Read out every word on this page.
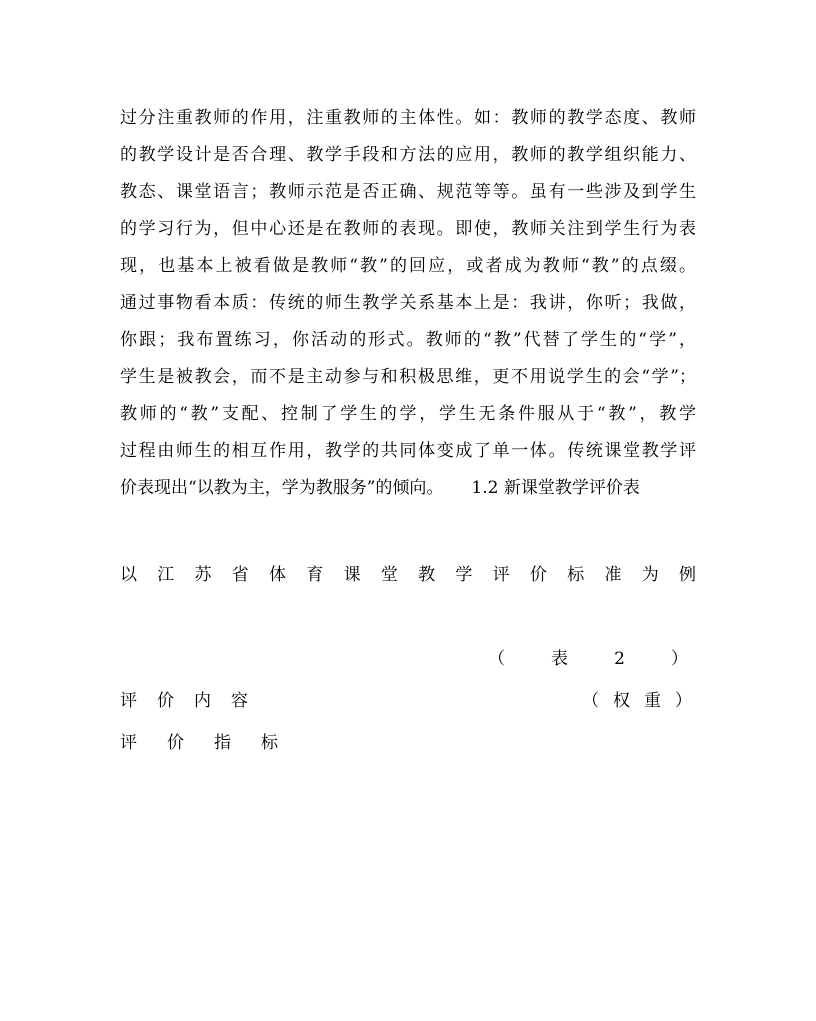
过分注重教师的作用，注重教师的主体性。如：教师的教学态度、教师
的教学设计是否合理、教学手段和方法的应用，教师的教学组织能力、
教态、课堂语言；教师示范是否正确、规范等等。虽有一些涉及到学生
的学习行为，但中心还是在教师的表现。即使，教师关注到学生行为表
现，也基本上被看做是教师“教”的回应，或者成为教师“教”的点缀。
通过事物看本质：传统的师生教学关系基本上是：我讲，你听；我做，
你跟；我布置练习，你活动的形式。教师的“教”代替了学生的“学”，
学生是被教会，而不是主动参与和积极思维，更不用说学生的会“学”；
教师的“教”支配、控制了学生的学，学生无条件服从于“教”，教学
过程由师生的相互作用，教学的共同体变成了单一体。传统课堂教学评
价表现出“以教为主，学为教服务”的倾向。 1.2 新课堂教学评价表
以 江 苏 省 体 育 课 堂 教 学 评 价 标 准 为 例
（	表	2	）
评 价 内 容	（ 权 重 ）
评 价 指 标
